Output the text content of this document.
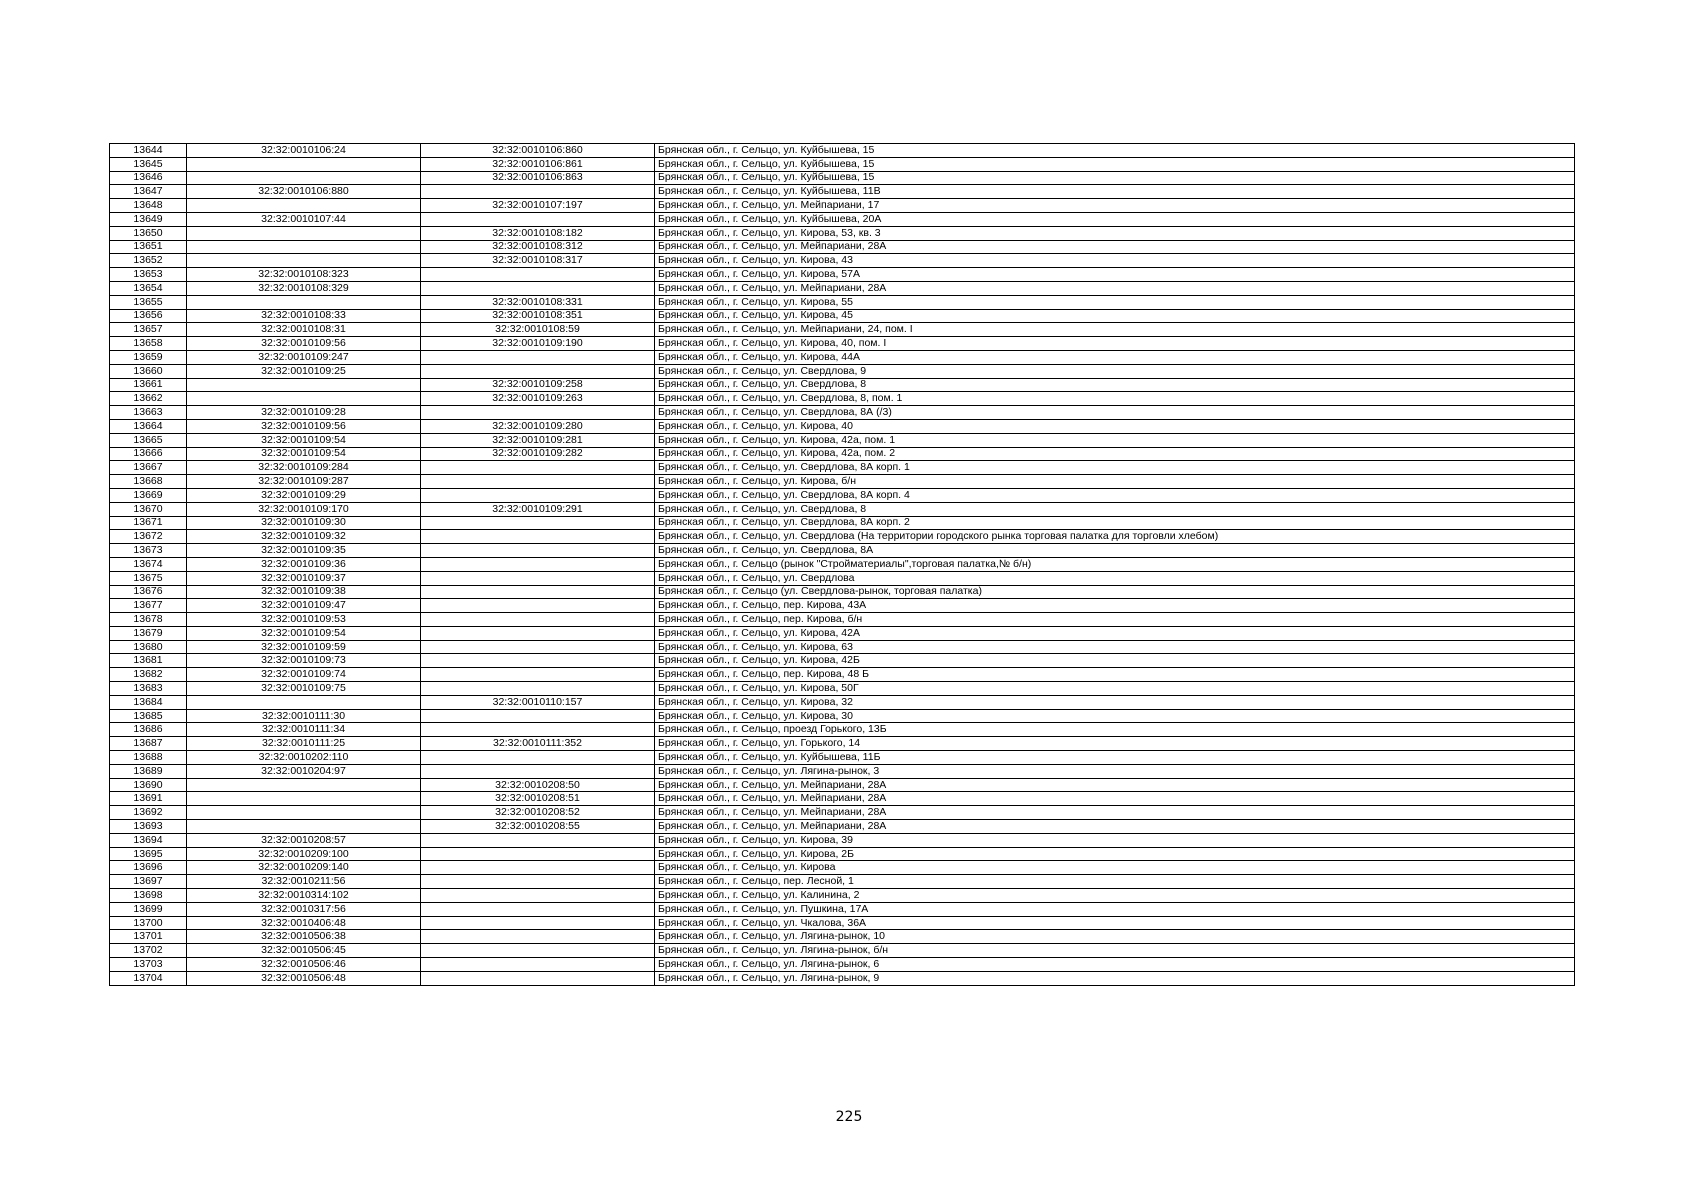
13644	32:32:0010106:24	32:32:0010106:860	Брянская обл., г. Сельцо, ул. Куйбышева, 15
13645		32:32:0010106:861	Брянская обл., г. Сельцо, ул. Куйбышева, 15
13646		32:32:0010106:863	Брянская обл., г. Сельцо, ул. Куйбышева, 15
13647	32:32:0010106:880		Брянская обл., г. Сельцо, ул. Куйбышева, 11В
13648		32:32:0010107:197	Брянская обл., г. Сельцо, ул. Мейпариани, 17
13649	32:32:0010107:44		Брянская обл., г. Сельцо, ул. Куйбышева, 20А
13650		32:32:0010108:182	Брянская обл., г. Сельцо, ул. Кирова, 53, кв. 3
13651		32:32:0010108:312	Брянская обл., г. Сельцо, ул. Мейпариани, 28А
13652		32:32:0010108:317	Брянская обл., г. Сельцо, ул. Кирова, 43
13653	32:32:0010108:323		Брянская обл., г. Сельцо, ул. Кирова, 57А
13654	32:32:0010108:329		Брянская обл., г. Сельцо, ул. Мейпариани, 28А
13655		32:32:0010108:331	Брянская обл., г. Сельцо, ул. Кирова, 55
13656	32:32:0010108:33	32:32:0010108:351	Брянская обл., г. Сельцо, ул. Кирова, 45
13657	32:32:0010108:31	32:32:0010108:59	Брянская обл., г. Сельцо, ул. Мейпариани, 24, пом. I
13658	32:32:0010109:56	32:32:0010109:190	Брянская обл., г. Сельцо, ул. Кирова, 40, пом. I
13659	32:32:0010109:247		Брянская обл., г. Сельцо, ул. Кирова, 44А
13660	32:32:0010109:25		Брянская обл., г. Сельцо, ул. Свердлова, 9
13661		32:32:0010109:258	Брянская обл., г. Сельцо, ул. Свердлова, 8
13662		32:32:0010109:263	Брянская обл., г. Сельцо, ул. Свердлова, 8, пом. 1
13663	32:32:0010109:28		Брянская обл., г. Сельцо, ул. Свердлова, 8А (/3)
13664	32:32:0010109:56	32:32:0010109:280	Брянская обл., г. Сельцо, ул. Кирова, 40
13665	32:32:0010109:54	32:32:0010109:281	Брянская обл., г. Сельцо, ул. Кирова, 42а, пом. 1
13666	32:32:0010109:54	32:32:0010109:282	Брянская обл., г. Сельцо, ул. Кирова, 42а, пом. 2
13667	32:32:0010109:284		Брянская обл., г. Сельцо, ул. Свердлова, 8А корп. 1
13668	32:32:0010109:287		Брянская обл., г. Сельцо, ул. Кирова, б/н
13669	32:32:0010109:29		Брянская обл., г. Сельцо, ул. Свердлова, 8А корп. 4
13670	32:32:0010109:170	32:32:0010109:291	Брянская обл., г. Сельцо, ул. Свердлова, 8
13671	32:32:0010109:30		Брянская обл., г. Сельцо, ул. Свердлова, 8А корп. 2
13672	32:32:0010109:32		Брянская обл., г. Сельцо, ул. Свердлова (На территории городского рынка торговая палатка для торговли хлебом)
13673	32:32:0010109:35		Брянская обл., г. Сельцо, ул. Свердлова, 8А
13674	32:32:0010109:36		Брянская обл., г. Сельцо (рынок "Стройматериалы",торговая палатка,№ б/н)
13675	32:32:0010109:37		Брянская обл., г. Сельцо, ул. Свердлова
13676	32:32:0010109:38		Брянская обл., г. Сельцо (ул. Свердлова-рынок, торговая палатка)
13677	32:32:0010109:47		Брянская обл., г. Сельцо, пер. Кирова, 43А
13678	32:32:0010109:53		Брянская обл., г. Сельцо, пер. Кирова, б/н
13679	32:32:0010109:54		Брянская обл., г. Сельцо, ул. Кирова, 42А
13680	32:32:0010109:59		Брянская обл., г. Сельцо, ул. Кирова, 63
13681	32:32:0010109:73		Брянская обл., г. Сельцо, ул. Кирова, 42Б
13682	32:32:0010109:74		Брянская обл., г. Сельцо, пер. Кирова, 48 Б
13683	32:32:0010109:75		Брянская обл., г. Сельцо, ул. Кирова, 50Г
13684		32:32:0010110:157	Брянская обл., г. Сельцо, ул. Кирова, 32
13685	32:32:0010111:30		Брянская обл., г. Сельцо, ул. Кирова, 30
13686	32:32:0010111:34		Брянская обл., г. Сельцо, проезд Горького, 13Б
13687	32:32:0010111:25	32:32:0010111:352	Брянская обл., г. Сельцо, ул. Горького, 14
13688	32:32:0010202:110		Брянская обл., г. Сельцо, ул. Куйбышева, 11Б
13689	32:32:0010204:97		Брянская обл., г. Сельцо, ул. Лягина-рынок, 3
13690		32:32:0010208:50	Брянская обл., г. Сельцо, ул. Мейпариани, 28А
13691		32:32:0010208:51	Брянская обл., г. Сельцо, ул. Мейпариани, 28А
13692		32:32:0010208:52	Брянская обл., г. Сельцо, ул. Мейпариани, 28А
13693		32:32:0010208:55	Брянская обл., г. Сельцо, ул. Мейпариани, 28А
13694	32:32:0010208:57		Брянская обл., г. Сельцо, ул. Кирова, 39
13695	32:32:0010209:100		Брянская обл., г. Сельцо, ул. Кирова, 2Б
13696	32:32:0010209:140		Брянская обл., г. Сельцо, ул. Кирова
13697	32:32:0010211:56		Брянская обл., г. Сельцо, пер. Лесной, 1
13698	32:32:0010314:102		Брянская обл., г. Сельцо, ул. Калинина, 2
13699	32:32:0010317:56		Брянская обл., г. Сельцо, ул. Пушкина, 17А
13700	32:32:0010406:48		Брянская обл., г. Сельцо, ул. Чкалова, 36А
13701	32:32:0010506:38		Брянская обл., г. Сельцо, ул. Лягина-рынок, 10
13702	32:32:0010506:45		Брянская обл., г. Сельцо, ул. Лягина-рынок, б/н
13703	32:32:0010506:46		Брянская обл., г. Сельцо, ул. Лягина-рынок, 6
13704	32:32:0010506:48		Брянская обл., г. Сельцо, ул. Лягина-рынок, 9
225
